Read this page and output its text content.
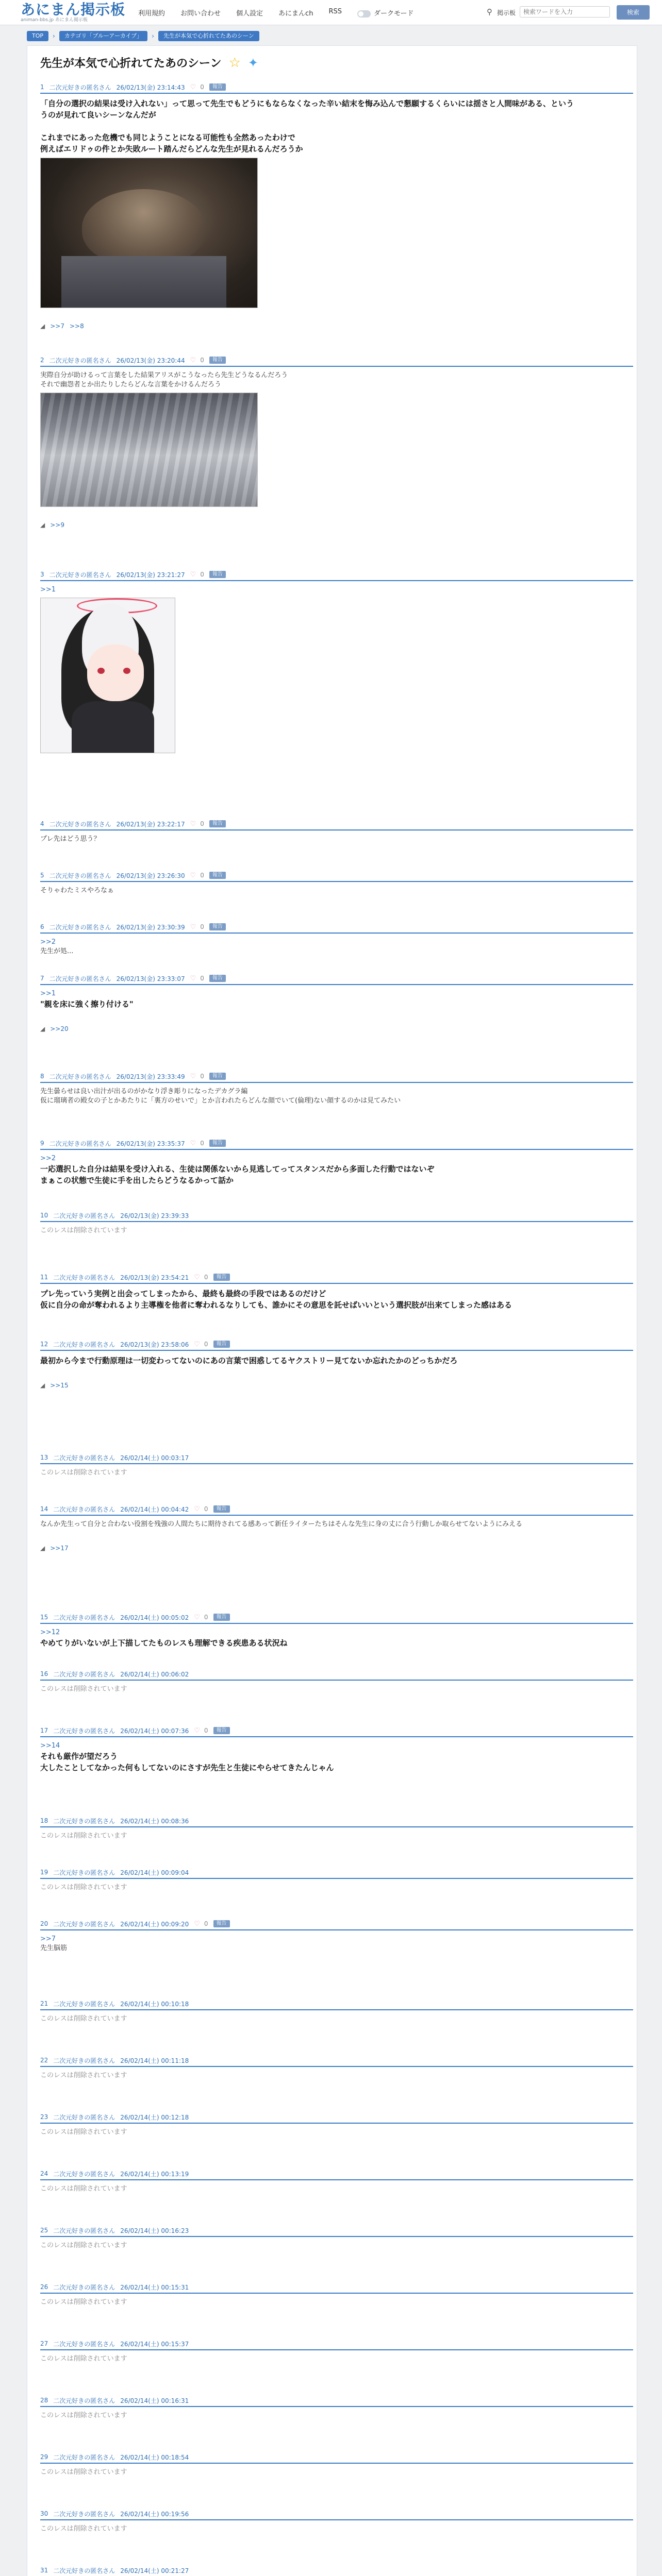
あにまん掲示板
animan-bbs.jp あにまん掲示板
利用規約 お問い合わせ 個人設定 あにまんch RSS	ダークモード	⚲ 掲示板
検索ワードを入力	検索
TOP	›	カテゴリ「ブルーアーカイブ」	›	先生が本気で心折れてたあのシーン
先生が本気で心折れてたあのシーン ☆ ✦
1 二次元好きの匿名さん 26/02/13(金) 23:14:43 ♡ 0	報告
「自分の選択の結果は受け入れない」って思って先生でもどうにもならなくなった辛い結末を悔み込んで懇願するくらいには揺さと人間味がある、という
うのが見れて良いシーンなんだが
これまでにあった危機でも同じようことになる可能性も全然あったわけで
例えばエリドゥの件とか失敗ルート踏んだらどんな先生が見れるんだろうか
◢ >>7 >>8
2 二次元好きの匿名さん 26/02/13(金) 23:20:44 ♡ 0	報告
実際自分が助けるって言葉をした結果アリスがこうなったら先生どうなるんだろう
それで幽怨者とか出たりしたらどんな言葉をかけるんだろう
◢ >>9
3 二次元好きの匿名さん 26/02/13(金) 23:21:27 ♡ 0	報告
>>1
4 二次元好きの匿名さん 26/02/13(金) 23:22:17 ♡ 0	報告
プレ先はどう思う？
5 二次元好きの匿名さん 26/02/13(金) 23:26:30 ♡ 0	報告
そりゃわたミスやろなぁ
6 二次元好きの匿名さん 26/02/13(金) 23:30:39 ♡ 0	報告
>>2
先生が処...
7 二次元好きの匿名さん 26/02/13(金) 23:33:07 ♡ 0	報告
>>1
"親を床に強く擦り付ける"
◢ >>20
8 二次元好きの匿名さん 26/02/13(金) 23:33:49 ♡ 0	報告
先生曇らせは良い出汁が出るのがかなり浮き彫りになったデカグラ編
仮に瑠璃者の殿女の子とかあたりに「裏方のせいで」とか言われたらどんな顔でいて(倫理)ない顔するのかは見てみたい
9 二次元好きの匿名さん 26/02/13(金) 23:35:37 ♡ 0	報告
>>2
一応選択した自分は結果を受け入れる、生徒は関係ないから見逃してってスタンスだから多面した行動ではないぞ
まぁこの状態で生徒に手を出したらどうなるかって話か
10 二次元好きの匿名さん 26/02/13(金) 23:39:33
このレスは削除されています
11 二次元好きの匿名さん 26/02/13(金) 23:54:21 ♡ 0	報告
プレ先っていう実例と出会ってしまったから、最終も最終の手段ではあるのだけど
仮に自分の命が奪われるより主導権を他者に奪われるなりしても、誰かにその意思を託せばいいという選択肢が出来てしまった感はある
12 二次元好きの匿名さん 26/02/13(金) 23:58:06 ♡ 0	報告
最初から今まで行動原理は一切変わってないのにあの言葉で困惑してるヤクストリー見てないか忘れたかのどっちかだろ
◢ >>15
13 二次元好きの匿名さん 26/02/14(土) 00:03:17
このレスは削除されています
14 二次元好きの匿名さん 26/02/14(土) 00:04:42 ♡ 0	報告
なんか先生って自分と合わない役割を残強の人間たちに期待されてる感あって新任ライターたちはそんな先生に身の丈に合う行動しか取らせてないようにみえる
◢ >>17
15 二次元好きの匿名さん 26/02/14(土) 00:05:02 ♡ 0	報告
>>12
やめてりがいないが上下描してたものレスも理解できる疾患ある状況ね
16 二次元好きの匿名さん 26/02/14(土) 00:06:02
このレスは削除されています
17 二次元好きの匿名さん 26/02/14(土) 00:07:36 ♡ 0	報告
>>14
それも厳作が望だろう
大したことしてなかった何もしてないのにさすが先生と生徒にやらせてきたんじゃん
18 二次元好きの匿名さん 26/02/14(土) 00:08:36
このレスは削除されています
19 二次元好きの匿名さん 26/02/14(土) 00:09:04
このレスは削除されています
20 二次元好きの匿名さん 26/02/14(土) 00:09:20 ♡ 0	報告
>>7
先生脳筋
21 二次元好きの匿名さん 26/02/14(土) 00:10:18
このレスは削除されています
22 二次元好きの匿名さん 26/02/14(土) 00:11:18
このレスは削除されています
23 二次元好きの匿名さん 26/02/14(土) 00:12:18
このレスは削除されています
24 二次元好きの匿名さん 26/02/14(土) 00:13:19
このレスは削除されています
25 二次元好きの匿名さん 26/02/14(土) 00:16:23
このレスは削除されています
26 二次元好きの匿名さん 26/02/14(土) 00:15:31
このレスは削除されています
27 二次元好きの匿名さん 26/02/14(土) 00:15:37
このレスは削除されています
28 二次元好きの匿名さん 26/02/14(土) 00:16:31
このレスは削除されています
29 二次元好きの匿名さん 26/02/14(土) 00:18:54
このレスは削除されています
30 二次元好きの匿名さん 26/02/14(土) 00:19:56
このレスは削除されています
31 二次元好きの匿名さん 26/02/14(土) 00:21:27
